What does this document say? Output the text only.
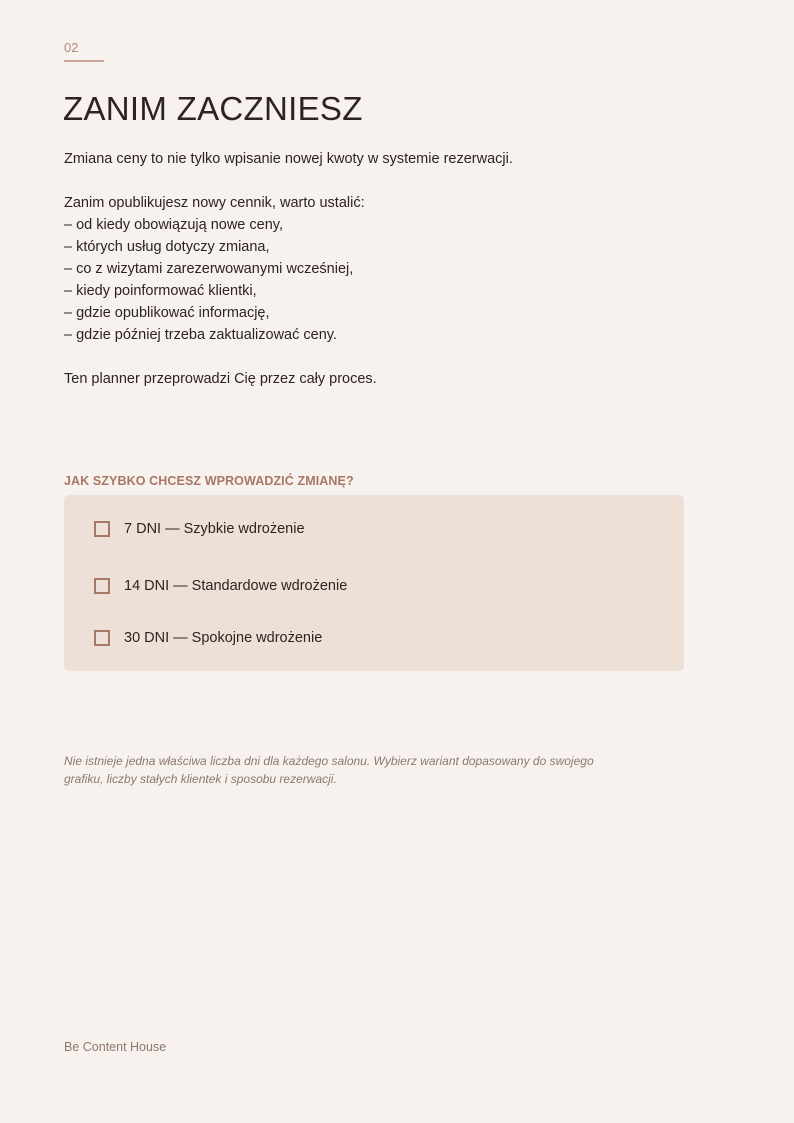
02
ZANIM ZACZNIESZ

Zmiana ceny to nie tylko wpisanie nowej kwoty w systemie rezerwacji.

Zanim opublikujesz nowy cennik, warto ustalić:

– od kiedy obowiązują nowe ceny,

– których usług dotyczy zmiana,

– co z wizytami zarezerwowanymi wcześniej,

– kiedy poinformować klientki,

– gdzie opublikować informację,

– gdzie później trzeba zaktualizować ceny.

Ten planner przeprowadzi Cię przez cały proces.

JAK SZYBKO CHCESZ WPROWADZIĆ ZMIANĘ?
7 DNI — Szybkie wdrożenie
14 DNI — Standardowe wdrożenie
30 DNI — Spokojne wdrożenie

Nie istnieje jedna właściwa liczba dni dla każdego salonu. Wybierz wariant dopasowany do swojego grafiku, liczby stałych klientek i sposobu rezerwacji.

Be Content House
